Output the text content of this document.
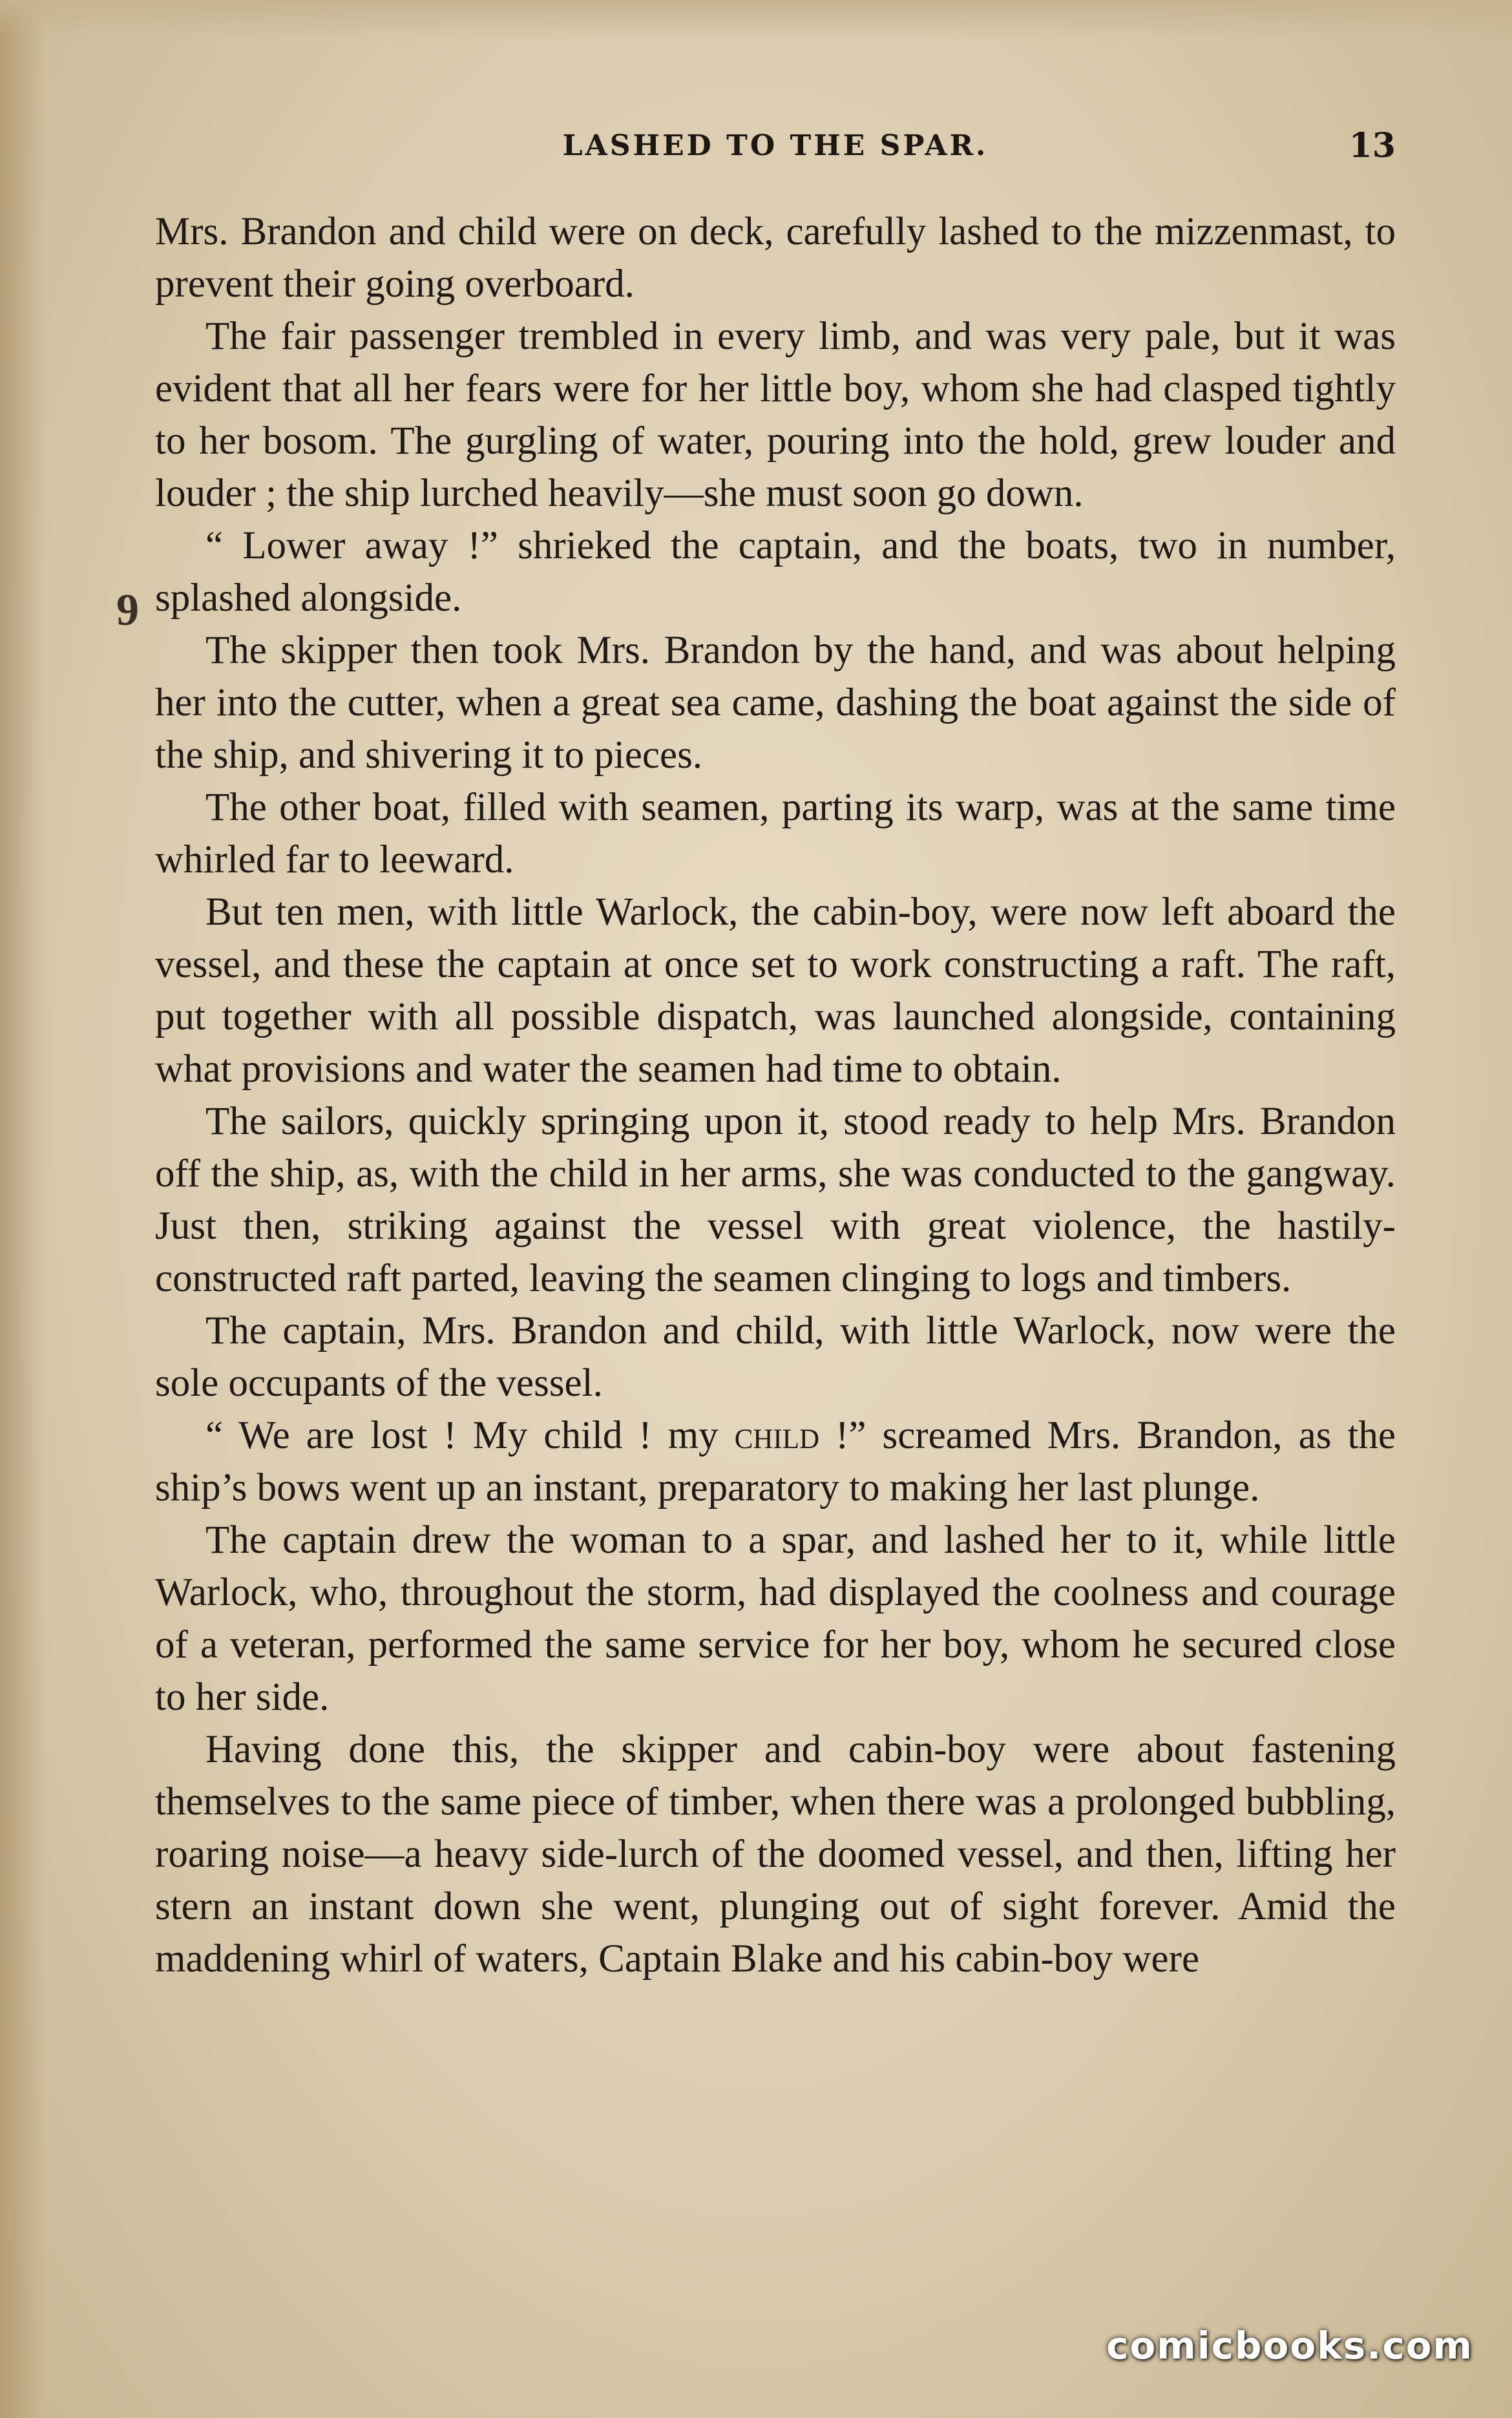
LASHED TO THE SPAR.	13
9

Mrs. Brandon and child were on deck, carefully lashed to the mizzenmast, to prevent their going overboard.

The fair passenger trembled in every limb, and was very pale, but it was evident that all her fears were for her little boy, whom she had clasped tightly to her bosom. The gurgling of water, pouring into the hold, grew louder and louder ; the ship lurched heavily—she must soon go down.

“ Lower away !” shrieked the captain, and the boats, two in number, splashed alongside.

The skipper then took Mrs. Brandon by the hand, and was about helping her into the cutter, when a great sea came, dashing the boat against the side of the ship, and shivering it to pieces.

The other boat, filled with seamen, parting its warp, was at the same time whirled far to leeward.

But ten men, with little Warlock, the cabin-boy, were now left aboard the vessel, and these the captain at once set to work constructing a raft. The raft, put together with all possible dispatch, was launched alongside, containing what provisions and water the seamen had time to obtain.

The sailors, quickly springing upon it, stood ready to help Mrs. Brandon off the ship, as, with the child in her arms, she was conducted to the gangway. Just then, striking against the vessel with great violence, the hastily-constructed raft parted, leaving the seamen clinging to logs and timbers.

The captain, Mrs. Brandon and child, with little Warlock, now were the sole occupants of the vessel.

“ We are lost ! My child ! my child !” screamed Mrs. Brandon, as the ship’s bows went up an instant, preparatory to making her last plunge.

The captain drew the woman to a spar, and lashed her to it, while little Warlock, who, throughout the storm, had displayed the coolness and courage of a veteran, performed the same service for her boy, whom he secured close to her side.

Having done this, the skipper and cabin-boy were about fastening themselves to the same piece of timber, when there was a prolonged bubbling, roaring noise—a heavy side-lurch of the doomed vessel, and then, lifting her stern an instant down she went, plunging out of sight forever. Amid the maddening whirl of waters, Captain Blake and his cabin-boy were

comicbooks.com
